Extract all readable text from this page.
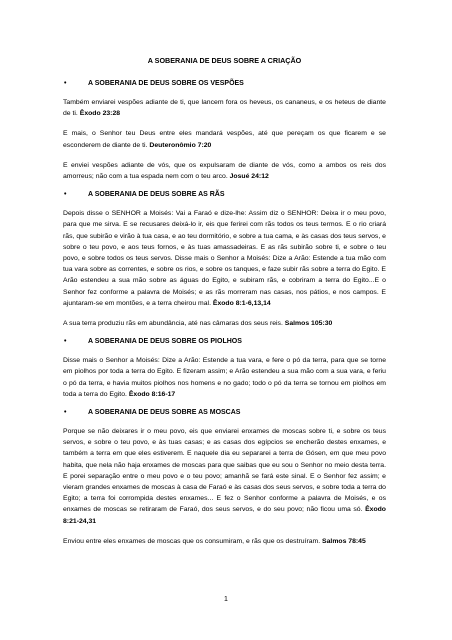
A SOBERANIA DE DEUS SOBRE A CRIAÇÃO
•	A SOBERANIA DE DEUS SOBRE OS VESPÕES

Também enviarei vespões adiante de ti, que lancem fora os heveus, os cananeus, e os heteus de diante de ti. Êxodo 23:28

E mais, o Senhor teu Deus entre eles mandará vespões, até que pereçam os que ficarem e se esconderem de diante de ti. Deuteronômio 7:20

E enviei vespões adiante de vós, que os expulsaram de diante de vós, como a ambos os reis dos amorreus; não com a tua espada nem com o teu arco. Josué 24:12

•	A SOBERANIA DE DEUS SOBRE AS RÃS

Depois disse o SENHOR a Moisés: Vai a Faraó e dize-lhe: Assim diz o SENHOR: Deixa ir o meu povo, para que me sirva. E se recusares deixá-lo ir, eis que ferirei com rãs todos os teus termos. E o rio criará rãs, que subirão e virão à tua casa, e ao teu dormitório, e sobre a tua cama, e às casas dos teus servos, e sobre o teu povo, e aos teus fornos, e às tuas amassadeiras. E as rãs subirão sobre ti, e sobre o teu povo, e sobre todos os teus servos. Disse mais o Senhor a Moisés: Dize a Arão: Estende a tua mão com tua vara sobre as correntes, e sobre os rios, e sobre os tanques, e faze subir rãs sobre a terra do Egito. E Arão estendeu a sua mão sobre as águas do Egito, e subiram rãs, e cobriram a terra do Egito...E o Senhor fez conforme a palavra de Moisés; e as rãs morreram nas casas, nos pátios, e nos campos. E ajuntaram-se em montões, e a terra cheirou mal. Êxodo 8:1-6,13,14

A sua terra produziu rãs em abundância, até nas câmaras dos seus reis. Salmos 105:30

•	A SOBERANIA DE DEUS SOBRE OS PIOLHOS

Disse mais o Senhor a Moisés: Dize a Arão: Estende a tua vara, e fere o pó da terra, para que se torne em piolhos por toda a terra do Egito. E fizeram assim; e Arão estendeu a sua mão com a sua vara, e feriu o pó da terra, e havia muitos piolhos nos homens e no gado; todo o pó da terra se tornou em piolhos em toda a terra do Egito. Êxodo 8:16-17

•	A SOBERANIA DE DEUS SOBRE AS MOSCAS

Porque se não deixares ir o meu povo, eis que enviarei enxames de moscas sobre ti, e sobre os teus servos, e sobre o teu povo, e às tuas casas; e as casas dos egípcios se encherão destes enxames, e também a terra em que eles estiverem. E naquele dia eu separarei a terra de Gósen, em que meu povo habita, que nela não haja enxames de moscas para que saibas que eu sou o Senhor no meio desta terra. E porei separação entre o meu povo e o teu povo; amanhã se fará este sinal. E o Senhor fez assim; e vieram grandes enxames de moscas à casa de Faraó e às casas dos seus servos, e sobre toda a terra do Egito; a terra foi corrompida destes enxames... E fez o Senhor conforme a palavra de Moisés, e os enxames de moscas se retiraram de Faraó, dos seus servos, e do seu povo; não ficou uma só. Êxodo 8:21-24,31

Enviou entre eles enxames de moscas que os consumiram, e rãs que os destruíram. Salmos 78:45

1
